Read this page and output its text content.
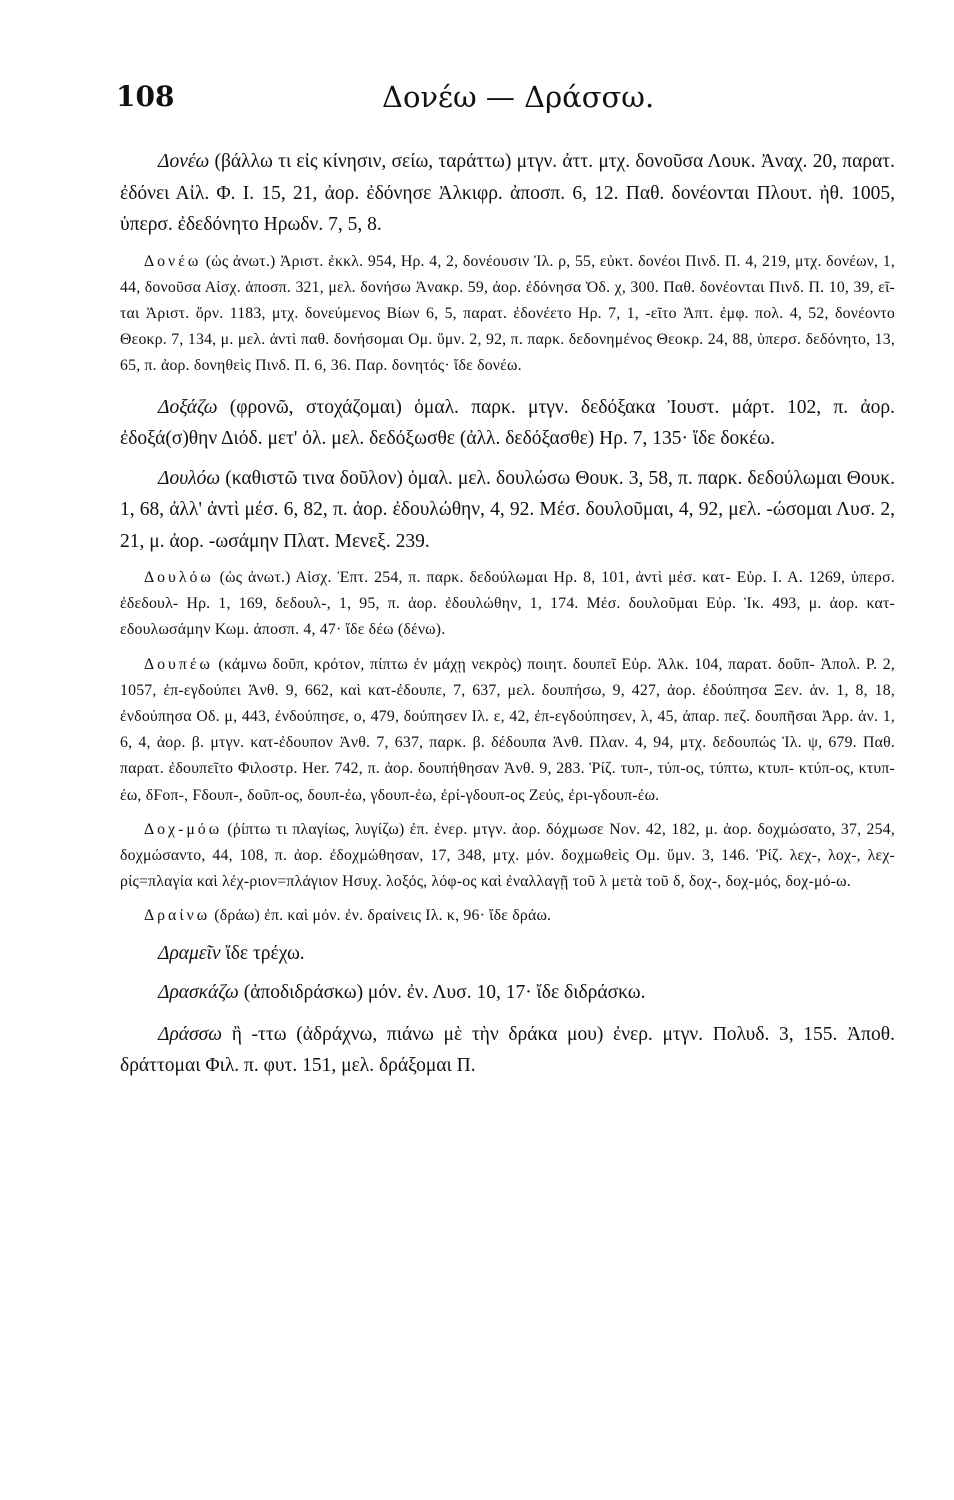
108	Δονέω — Δράσσω.

Δονέω (βάλλω τι εἰς κίνησιν, σείω, ταράττω) μτγν. ἀττ. μτχ. δονοῦσα Λουκ. Ἀναχ. 20, παρατ. ἐδόνει Αἰλ. Φ. Ι. 15, 21, ἀορ. ἐδόνησε Ἀλκιφρ. ἀποσπ. 6, 12. Παθ. δονέονται Πλουτ. ἠθ. 1005, ὑπερσ. ἐδεδόνητο Ηρωδν. 7, 5, 8.

Δονέω (ὡς ἀνωτ.) Ἀριστ. ἐκκλ. 954, Ηρ. 4, 2, δονέουσιν Ἰλ. ρ, 55, εὐκτ. δονέοι Πινδ. Π. 4, 219, μτχ. δονέων, 1, 44, δονοῦσα Αἰσχ. ἀποσπ. 321, μελ. δονήσω Ἀνακρ. 59, ἀορ. ἐδόνησα Ὀδ. χ, 300. Παθ. δονέονται Πινδ. Π. 10, 39, εῖ-ται Ἀριστ. ὄρν. 1183, μτχ. δονεύμενος Βίων 6, 5, παρατ. ἐδονέετο Ηρ. 7, 1, -εῖτο Ἀπτ. ἐμφ. πολ. 4, 52, δονέοντο Θεοκρ. 7, 134, μ. μελ. ἀντὶ παθ. δονήσομαι Ομ. ὕμν. 2, 92, π. παρκ. δεδονημένος Θεοκρ. 24, 88, ὑπερσ. δεδόνητο, 13, 65, π. ἀορ. δονηθεὶς Πινδ. Π. 6, 36. Παρ. δονητός· ἴδε δονέω.

Δοξάζω (φρονῶ, στοχάζομαι) ὁμαλ. παρκ. μτγν. δεδόξακα Ἰουστ. μάρτ. 102, π. ἀορ. ἐδοξά(σ)θην Διόδ. μετ' ὀλ. μελ. δεδόξωσθε (ἀλλ. δεδόξασθε) Ηρ. 7, 135· ἴδε δοκέω.

Δουλόω (καθιστῶ τινα δοῦλον) ὁμαλ. μελ. δουλώσω Θουκ. 3, 58, π. παρκ. δεδούλωμαι Θουκ. 1, 68, ἀλλ' ἀντὶ μέσ. 6, 82, π. ἀορ. ἐδουλώθην, 4, 92. Μέσ. δουλοῦμαι, 4, 92, μελ. -ώσομαι Λυσ. 2, 21, μ. ἀορ. -ωσάμην Πλατ. Μενεξ. 239.

Δουλόω (ὡς ἀνωτ.) Αἰσχ. Ἑπτ. 254, π. παρκ. δεδούλωμαι Ηρ. 8, 101, ἀντὶ μέσ. κατ- Εὐρ. Ι. Α. 1269, ὑπερσ. ἐδεδουλ- Ηρ. 1, 169, δεδουλ-, 1, 95, π. ἀορ. ἐδουλώθην, 1, 174. Μέσ. δουλοῦμαι Εὐρ. Ἱκ. 493, μ. ἀορ. κατ-εδουλωσάμην Κωμ. ἀποσπ. 4, 47· ἴδε δέω (δένω).

Δουπέω (κάμνω δοῦπ, κρότον, πίπτω ἐν μάχῃ νεκρὸς) ποιητ. δουπεῖ Εὐρ. Ἀλκ. 104, παρατ. δοῦπ- Ἀπολ. Ρ. 2, 1057, ἐπ-εγδούπει Ἀνθ. 9, 662, καὶ κατ-ἐδουπε, 7, 637, μελ. δουπήσω, 9, 427, ἀορ. ἐδούπησα Ξεν. ἀν. 1, 8, 18, ἐνδούπησα Οδ. μ, 443, ἐνδούπησε, ο, 479, δούπησεν Ιλ. ε, 42, ἐπ-εγδούπησεν, λ, 45, ἀπαρ. πεζ. δουπῆσαι Ἀρρ. ἀν. 1, 6, 4, ἀορ. β. μτγν. κατ-ἐδουπον Ἀνθ. 7, 637, παρκ. β. δέδουπα Ἀνθ. Πλαν. 4, 94, μτχ. δεδουπώς Ἰλ. ψ, 679. Παθ. παρατ. ἐδουπεῖτο Φιλοστρ. Her. 742, π. ἀορ. δουπήθησαν Ἀνθ. 9, 283. Ῥίζ. τυπ-, τύπ-ος, τύπτω, κτυπ- κτύπ-ος, κτυπ-έω, δϜοπ-, Ϝδουπ-, δοῦπ-ος, δουπ-έω, γδουπ-έω, ἐρί-γδουπ-ος Ζεύς, ἐρι-γδουπ-έω.

Δοχ-μόω (ῥίπτω τι πλαγίως, λυγίζω) ἐπ. ἐνερ. μτγν. ἀορ. δόχμωσε Νον. 42, 182, μ. ἀορ. δοχμώσατο, 37, 254, δοχμώσαντο, 44, 108, π. ἀορ. ἐδοχμώθησαν, 17, 348, μτχ. μόν. δοχμωθεὶς Ομ. ὕμν. 3, 146. Ῥίζ. λεχ-, λοχ-, λεχ-ρίς=πλαγία καὶ λέχ-ριον=πλάγιον Ησυχ. λοξός, λόφ-ος καὶ ἐναλλαγῇ τοῦ λ μετὰ τοῦ δ, δοχ-, δοχ-μός, δοχ-μό-ω.

Δραίνω (δράω) ἐπ. καὶ μόν. ἐν. δραίνεις Ιλ. κ, 96· ἴδε δράω.

Δραμεῖν ἴδε τρέχω.

Δρασκάζω (ἀποδιδράσκω) μόν. ἐν. Λυσ. 10, 17· ἴδε διδράσκω.

Δράσσω ἢ -ττω (ἀδράχνω, πιάνω μὲ τὴν δράκα μου) ἐνερ. μτγν. Πολυδ. 3, 155. Ἀποθ. δράττομαι Φιλ. π. φυτ. 151, μελ. δράξομαι Π.
